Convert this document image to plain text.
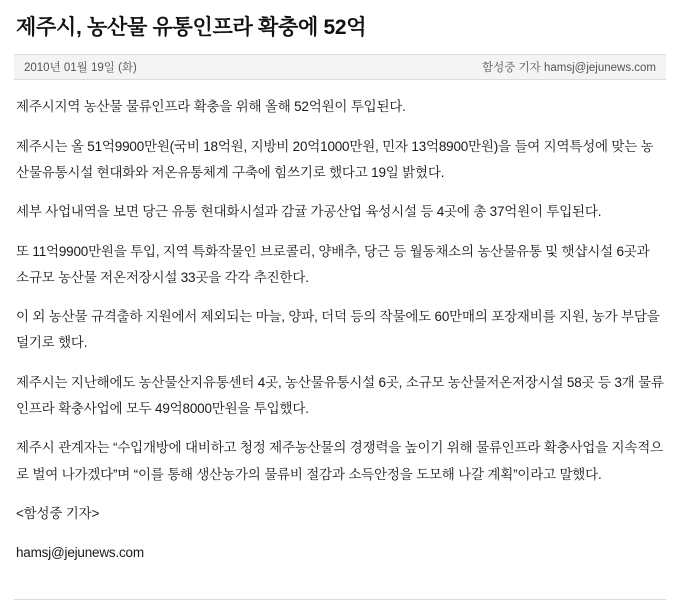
제주시, 농산물 유통인프라 확충에 52억
2010년 01월 19일 (화)	함성중 기자 hamsj@jejunews.com

제주시지역 농산물 물류인프라 확충을 위해 올해 52억원이 투입된다.

제주시는 올 51억9900만원(국비 18억원, 지방비 20억1000만원, 민자 13억8900만원)을 들여 지역특성에 맞는 농산물유통시설 현대화와 저온유통체계 구축에 힘쓰기로 했다고 19일 밝혔다.

세부 사업내역을 보면 당근 유통 현대화시설과 감귤 가공산업 육성시설 등 4곳에 총 37억원이 투입된다.

또 11억9900만원을 투입, 지역 특화작물인 브로콜리, 양배추, 당근 등 월동채소의 농산물유통 및 햇샵시설 6곳과 소규모 농산물 저온저장시설 33곳을 각각 추진한다.

이 외 농산물 규격출하 지원에서 제외되는 마늘, 양파, 더덕 등의 작물에도 60만매의 포장재비를 지원, 농가 부담을 덜기로 했다.

제주시는 지난해에도 농산물산지유통센터 4곳, 농산물유통시설 6곳, 소규모 농산물저온저장시설 58곳 등 3개 물류인프라 확충사업에 모두 49억8000만원을 투입했다.

제주시 관계자는 “수입개방에 대비하고 청정 제주농산물의 경쟁력을 높이기 위해 물류인프라 확충사업을 지속적으로 벌여 나가겠다”며 “이를 통해 생산농가의 물류비 절감과 소득안정을 도모해 나갈 계획”이라고 말했다.

<함성중 기자>

hamsj@jejunews.com
